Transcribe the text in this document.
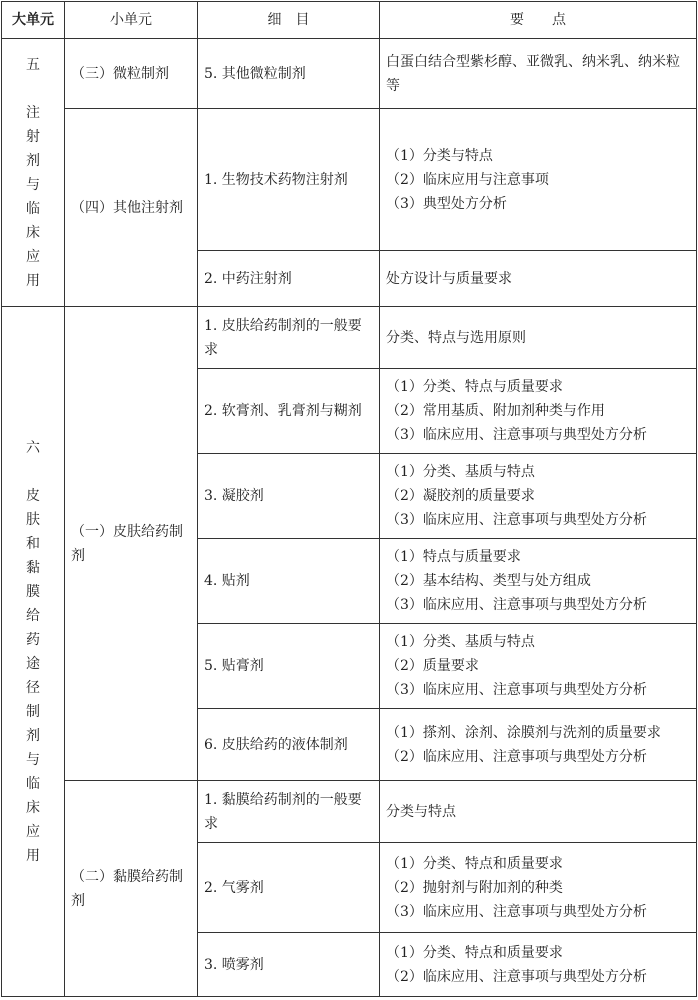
大单元	小单元	细　目	要　　点
五 注射剂与临床应用	（三）微粒制剂	5. 其他微粒制剂	白蛋白结合型紫杉醇、亚微乳、纳米乳、纳米粒等

	（四）其他注射剂	1. 生物技术药物注射剂	（1）分类与特点
（2）临床应用与注意事项
（3）典型处方分析

		2. 中药注射剂	处方设计与质量要求

六 皮肤和黏膜给药途径制剂与临床应用	（一）皮肤给药制剂	1. 皮肤给药制剂的一般要求	分类、特点与选用原则

		2. 软膏剂、乳膏剂与糊剂	（1）分类、特点与质量要求
（2）常用基质、附加剂种类与作用
（3）临床应用、注意事项与典型处方分析

		3. 凝胶剂	（1）分类、基质与特点
（2）凝胶剂的质量要求
（3）临床应用、注意事项与典型处方分析

		4. 贴剂	（1）特点与质量要求
（2）基本结构、类型与处方组成
（3）临床应用、注意事项与典型处方分析

		5. 贴膏剂	（1）分类、基质与特点
（2）质量要求
（3）临床应用、注意事项与典型处方分析

		6. 皮肤给药的液体制剂	（1）搽剂、涂剂、涂膜剂与洗剂的质量要求
（2）临床应用、注意事项与典型处方分析

	（二）黏膜给药制剂	1. 黏膜给药制剂的一般要求	分类与特点

		2. 气雾剂	（1）分类、特点和质量要求
（2）抛射剂与附加剂的种类
（3）临床应用、注意事项与典型处方分析

		3. 喷雾剂	（1）分类、特点和质量要求
（2）临床应用、注意事项与典型处方分析
